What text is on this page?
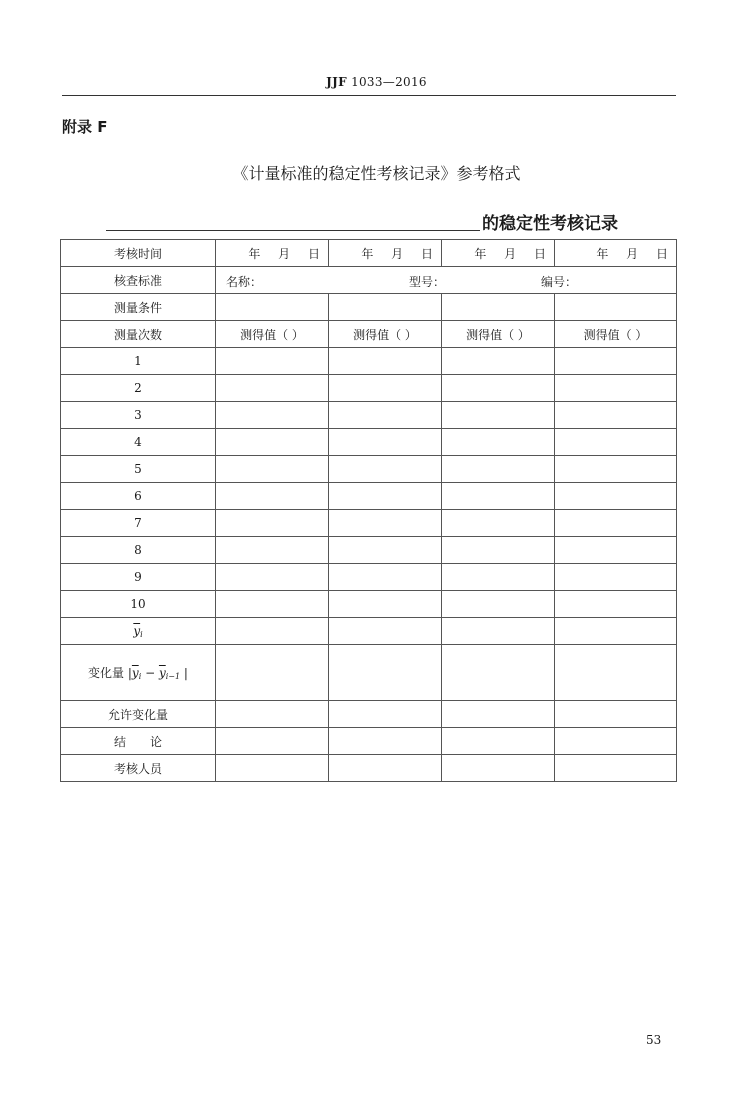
JJF 1033—2016
附录 F
《计量标准的稳定性考核记录》参考格式
的稳定性考核记录
考核时间	年 月 日	年 月 日	年 月 日	年 月 日
核查标准	名称： 型号： 编号：			

测量条件				
测量次数	测得值（ ）	测得值（ ）	测得值（ ）	测得值（ ）
1				
2				
3				
4				
5				
6				
7				
8				
9				
10				
$\overline{y}_i$				
变化量 $|\overline{y}_i - \overline{y}_{i-1}$ |				
允许变化量				
结论				
考核人员				
53
